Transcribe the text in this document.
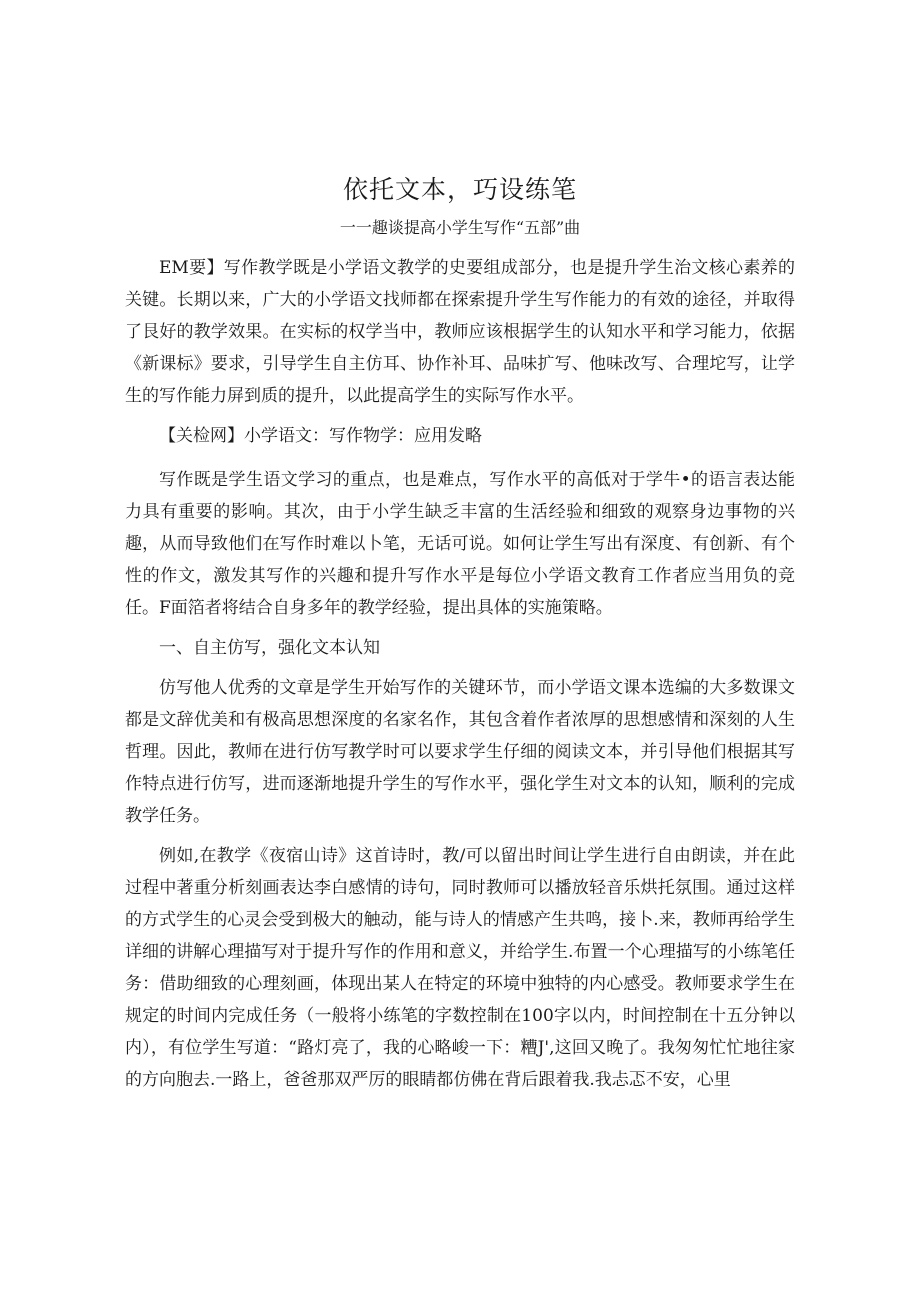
依托文本，巧设练笔

一一趣谈提高小学生写作“五部”曲

EM要】写作教学既是小学语文教学的史要组成部分，也是提升学生治文核心素养的关键。长期以来，广大的小学语文找师都在探索提升学生写作能力的有效的途径，并取得了艮好的教学效果。在实标的权学当中，教师应该根据学生的认知水平和学习能力，依据《新课标》要求，引导学生自主仿耳、协作补耳、品味扩写、他味改写、合理坨写，让学生的写作能力屏到质的提升，以此提高学生的实际写作水平。

【关检网】小学语文：写作物学：应用发略

写作既是学生语文学习的重点，也是难点，写作水平的高低对于学牛•的语言表达能力具有重要的影响。其次，由于小学生缺乏丰富的生活经验和细致的观察身边事物的兴趣，从而导致他们在写作时难以卜笔，无话可说。如何让学生写出有深度、有创新、有个性的作文，激发其写作的兴趣和提升写作水平是每位小学语文教育工作者应当用负的竞任。F面箔者将结合自身多年的教学经验，提出具体的实施策略。

一、自主仿写，强化文本认知

仿写他人优秀的文章是学生开始写作的关键环节，而小学语文课本选编的大多数课文都是文辞优美和有极高思想深度的名家名作，其包含着作者浓厚的思想感情和深刻的人生哲理。因此，教师在进行仿写教学时可以要求学生仔细的阅读文本，并引导他们根据其写作特点进行仿写，进而逐渐地提升学生的写作水平，强化学生对文本的认知，顺利的完成教学任务。

例如,在教学《夜宿山诗》这首诗时，教/可以留出时间让学生进行自由朗读，并在此过程中著重分析刻画表达李白感情的诗句，同时教师可以播放轻音乐烘托氛围。通过这样的方式学生的心灵会受到极大的触动，能与诗人的情感产生共鸣，接卜.来，教师再给学生详细的讲解心理描写对于提升写作的作用和意义，并给学生.布置一个心理描写的小练笔任务：借助细致的心理刻画，体现出某人在特定的环境中独特的内心感受。教师要求学生在规定的时间内完成任务（一般将小练笔的字数控制在100字以内，时间控制在十五分钟以内），有位学生写道：“路灯亮了，我的心略峻一下：糟J',这回又晚了。我匆匆忙忙地往家的方向胞去.一路上，爸爸那双严厉的眼睛都仿佛在背后跟着我.我忐忑不安，心里
